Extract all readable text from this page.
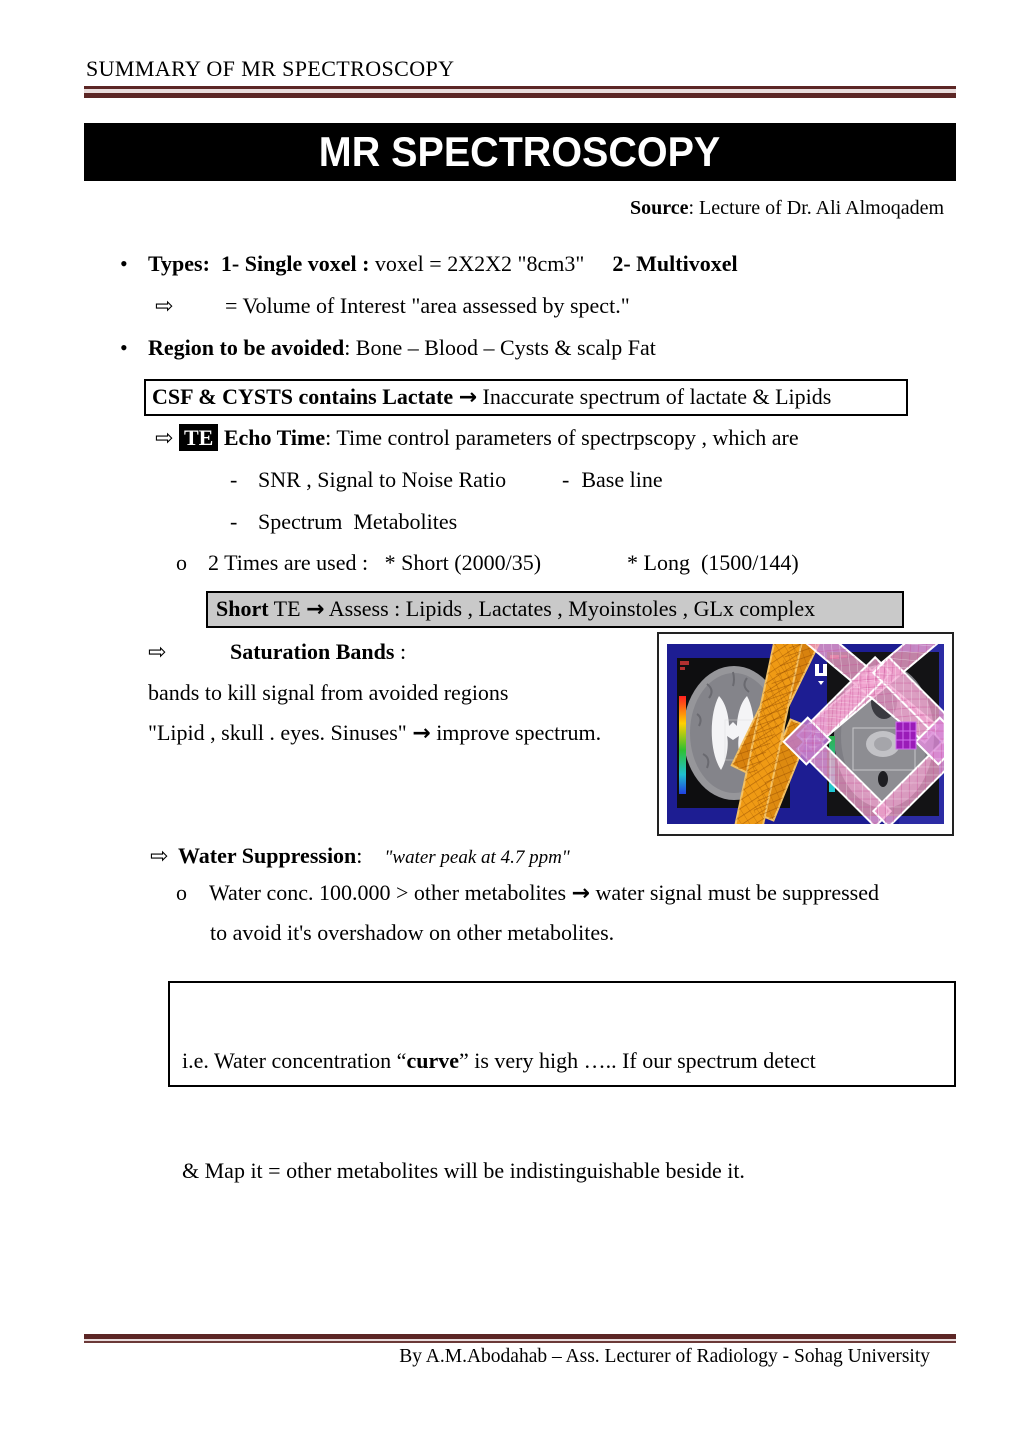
SUMMARY OF MR SPECTROSCOPY
MR SPECTROSCOPY
Source: Lecture of Dr. Ali Almoqadem
• Types:  1- Single voxel : voxel = 2X2X2 "8cm3" 2- Multivoxel
⇨ = Volume of Interest "area assessed by spect."
• Region to be avoided: Bone – Blood – Cysts & scalp Fat
CSF & CYSTS contains Lactate → Inaccurate spectrum of lactate & Lipids
⇨ TE Echo Time: Time control parameters of spectrpscopy , which are
- SNR , Signal to Noise Ratio	- Base line
- Spectrum  Metabolites
o 2 Times are used :   * Short (2000/35)	* Long  (1500/144)
Short TE → Assess : Lipids , Lactates , Myoinstoles , GLx complex
⇨	Saturation Bands :
bands to kill signal from avoided regions
"Lipid , skull . eyes. Sinuses" → improve spectrum.
⇨ Water Suppression: "water peak at 4.7 ppm"
o Water conc. 100.000 > other metabolites → water signal must be suppressed
to avoid it's overshadow on other metabolites.

i.e. Water concentration “curve” is very high ….. If our spectrum detect

& Map it = other metabolites will be indistinguishable beside it.

By A.M.Abodahab – Ass. Lecturer of Radiology - Sohag University
